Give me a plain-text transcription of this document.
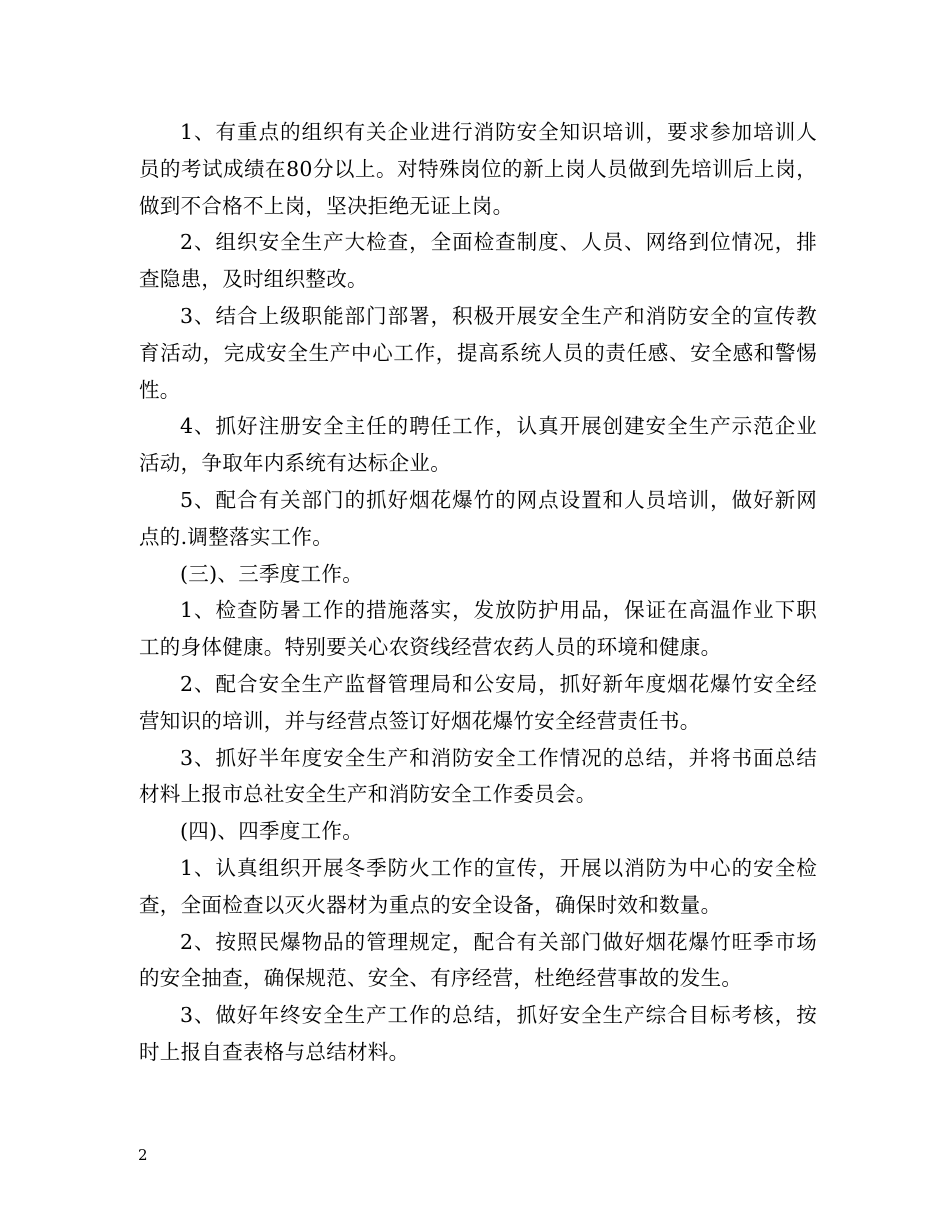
1、有重点的组织有关企业进行消防安全知识培训，要求参加培训人员的考试成绩在80分以上。对特殊岗位的新上岗人员做到先培训后上岗，做到不合格不上岗，坚决拒绝无证上岗。

2、组织安全生产大检查，全面检查制度、人员、网络到位情况，排查隐患，及时组织整改。

3、结合上级职能部门部署，积极开展安全生产和消防安全的宣传教育活动，完成安全生产中心工作，提高系统人员的责任感、安全感和警惕性。

4、抓好注册安全主任的聘任工作，认真开展创建安全生产示范企业活动，争取年内系统有达标企业。

5、配合有关部门的抓好烟花爆竹的网点设置和人员培训，做好新网点的.调整落实工作。

(三)、三季度工作。

1、检查防暑工作的措施落实，发放防护用品，保证在高温作业下职工的身体健康。特别要关心农资线经营农药人员的环境和健康。

2、配合安全生产监督管理局和公安局，抓好新年度烟花爆竹安全经营知识的培训，并与经营点签订好烟花爆竹安全经营责任书。

3、抓好半年度安全生产和消防安全工作情况的总结，并将书面总结材料上报市总社安全生产和消防安全工作委员会。

(四)、四季度工作。

1、认真组织开展冬季防火工作的宣传，开展以消防为中心的安全检查，全面检查以灭火器材为重点的安全设备，确保时效和数量。

2、按照民爆物品的管理规定，配合有关部门做好烟花爆竹旺季市场的安全抽查，确保规范、安全、有序经营，杜绝经营事故的发生。

3、做好年终安全生产工作的总结，抓好安全生产综合目标考核，按时上报自查表格与总结材料。

2
